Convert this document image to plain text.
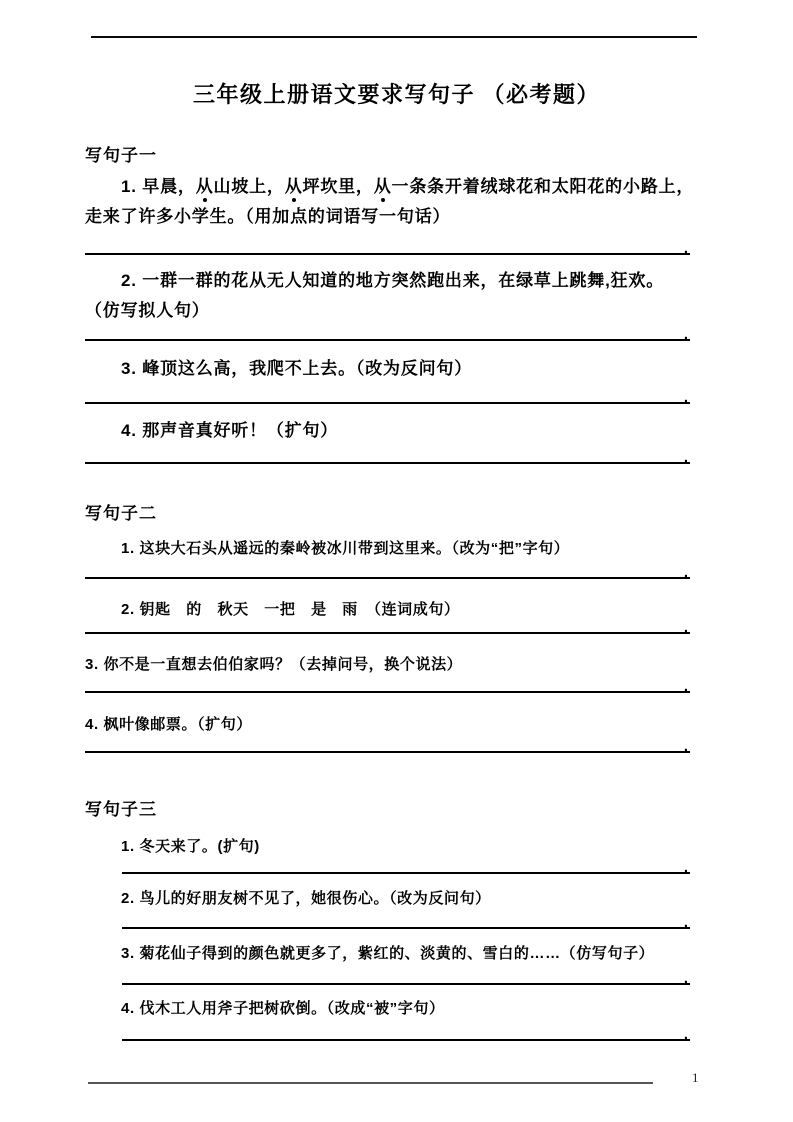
三年级上册语文要求写句子 （必考题）
写句子一
1. 早晨，从山坡上，从坪坎里，从一条条开着绒球花和太阳花的小路上，
走来了许多小学生。（用加点的词语写一句话）
.
2. 一群一群的花从无人知道的地方突然跑出来，在绿草上跳舞,狂欢。
（仿写拟人句）
.
3. 峰顶这么高，我爬不上去。（改为反问句）
.
4. 那声音真好听！（扩句）
.
写句子二
1. 这块大石头从遥远的秦岭被冰川带到这里来。（改为“把”字句）
.
2. 钥匙　的　秋天　一把　是　雨　（连词成句）
.
3. 你不是一直想去伯伯家吗？（去掉问号，换个说法）
.
4. 枫叶像邮票。（扩句）
.
写句子三
1. 冬天来了。(扩句)
.
2. 鸟儿的好朋友树不见了，她很伤心。（改为反问句）
.
3. 菊花仙子得到的颜色就更多了，紫红的、淡黄的、雪白的……（仿写句子）
.
4. 伐木工人用斧子把树砍倒。（改成“被”字句）
.
1
